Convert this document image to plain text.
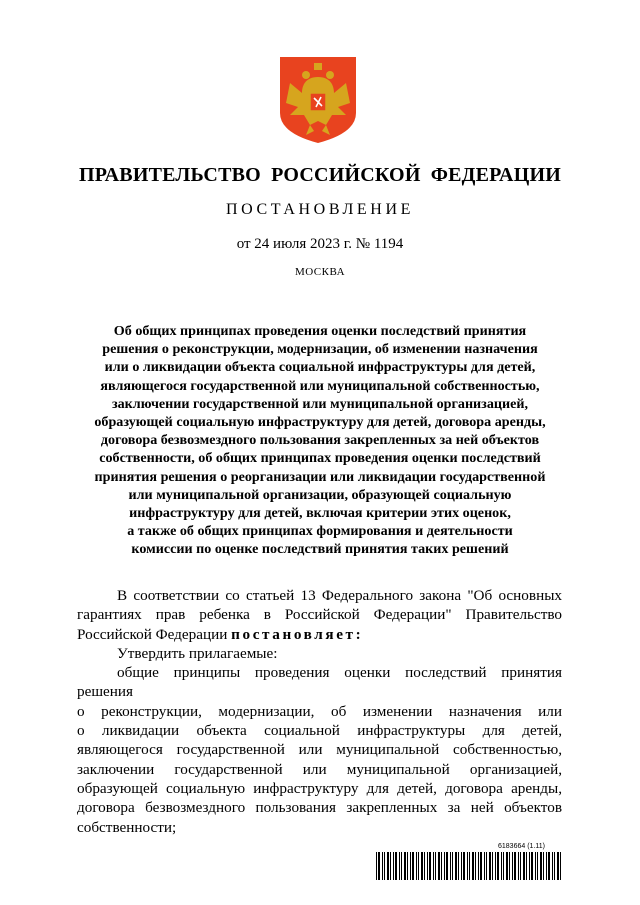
ПРАВИТЕЛЬСТВО РОССИЙСКОЙ ФЕДЕРАЦИИ
ПОСТАНОВЛЕНИЕ
от 24 июля 2023 г. № 1194
МОСКВА
Об общих принципах проведения оценки последствий принятия
решения о реконструкции, модернизации, об изменении назначения
или о ликвидации объекта социальной инфраструктуры для детей,
являющегося государственной или муниципальной собственностью,
заключении государственной или муниципальной организацией,
образующей социальную инфраструктуру для детей, договора аренды,
договора безвозмездного пользования закрепленных за ней объектов
собственности, об общих принципах проведения оценки последствий
принятия решения о реорганизации или ликвидации государственной
или муниципальной организации, образующей социальную
инфраструктуру для детей, включая критерии этих оценок,
а также об общих принципах формирования и деятельности
комиссии по оценке последствий принятия таких решений
В соответствии со статьей 13 Федерального закона "Об основных
гарантиях прав ребенка в Российской Федерации" Правительство
Российской Федерации постановляет:
Утвердить прилагаемые:
общие принципы проведения оценки последствий принятия решения
о реконструкции, модернизации, об изменении назначения или
о ликвидации объекта социальной инфраструктуры для детей,
являющегося государственной или муниципальной собственностью,
заключении государственной или муниципальной организацией,
образующей социальную инфраструктуру для детей, договора аренды,
договора безвозмездного пользования закрепленных за ней объектов
собственности;
6183664 (1.11)
